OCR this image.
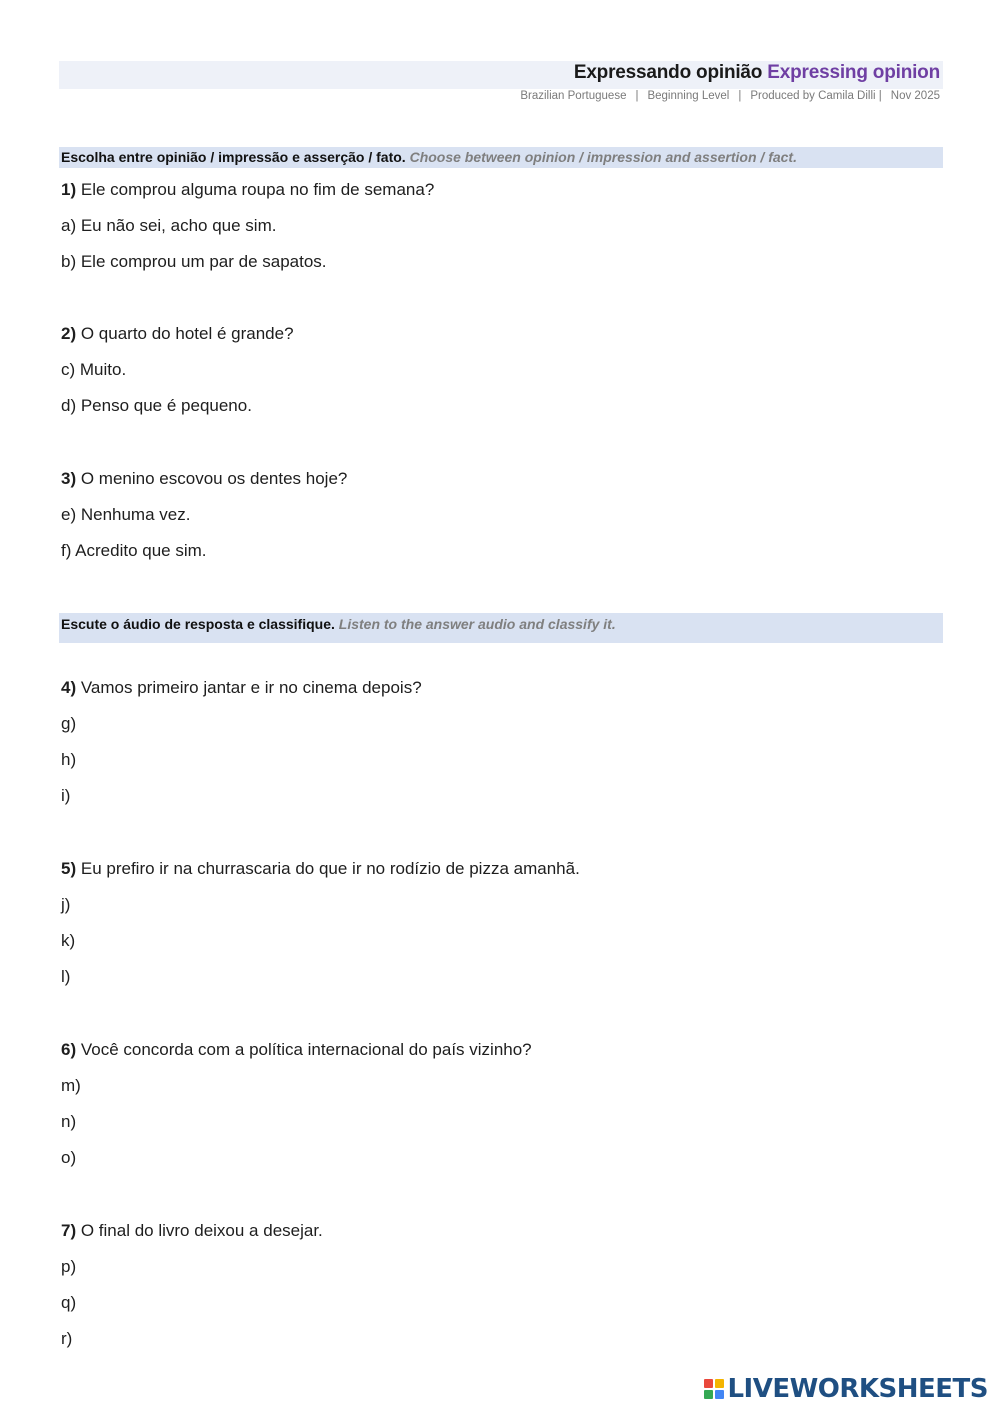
Expressando opinião Expressing opinion
Brazilian Portuguese | Beginning Level | Produced by Camila Dilli | Nov 2025
Escolha entre opinião / impressão e asserção / fato. Choose between opinion / impression and assertion / fact.
1) Ele comprou alguma roupa no fim de semana?
a) Eu não sei, acho que sim.
b) Ele comprou um par de sapatos.
2) O quarto do hotel é grande?
c) Muito.
d) Penso que é pequeno.
3) O menino escovou os dentes hoje?
e) Nenhuma vez.
f) Acredito que sim.
Escute o áudio de resposta e classifique. Listen to the answer audio and classify it.
4) Vamos primeiro jantar e ir no cinema depois?
g)
h)
i)
5) Eu prefiro ir na churrascaria do que ir no rodízio de pizza amanhã.
j)
k)
l)
6) Você concorda com a política internacional do país vizinho?
m)
n)
o)
7) O final do livro deixou a desejar.
p)
q)
r)
LIVEWORKSHEETS
